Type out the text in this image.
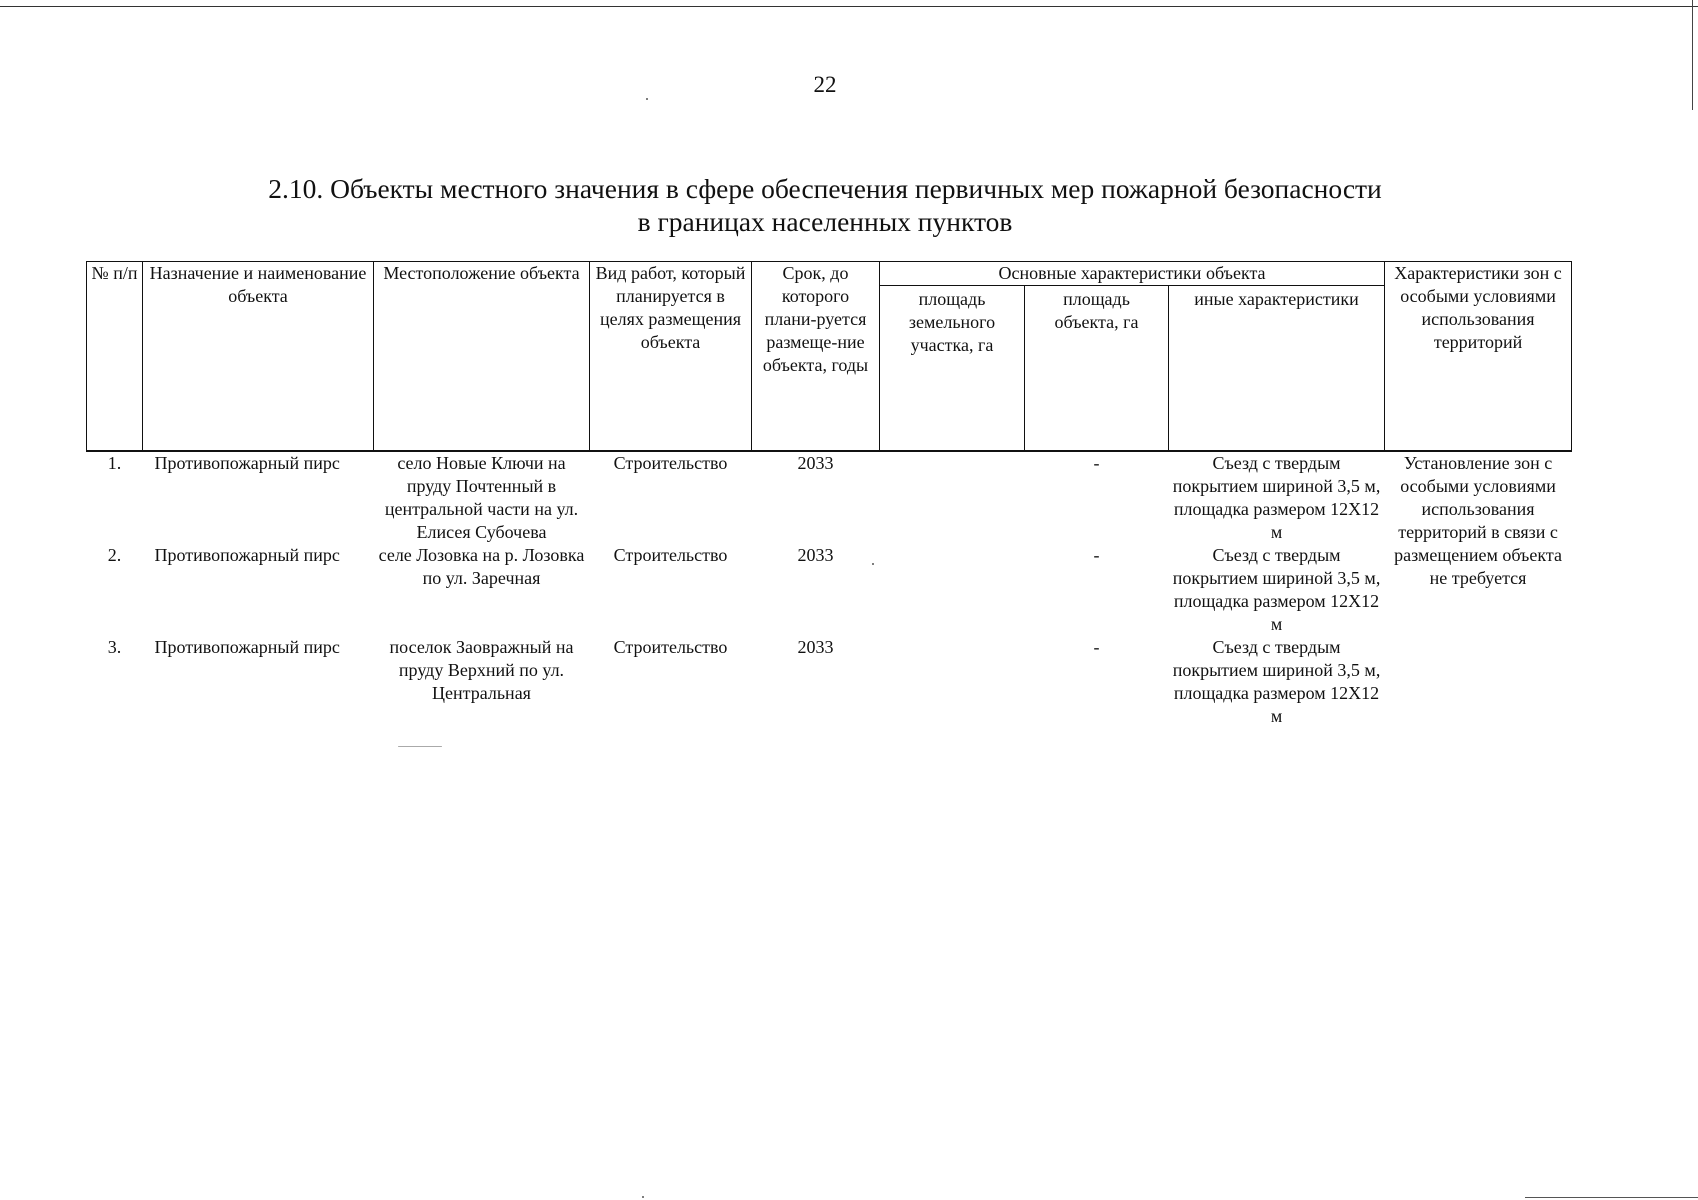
22
2.10. Объекты местного значения в сфере обеспечения первичных мер пожарной безопасности
в границах населенных пунктов
№ п/п	Назначение и наименование объекта	Местоположение объекта	Вид работ, который планируется в целях размещения объекта	Срок, до которого плани-руется размеще-ние объекта, годы	Основные характеристики объекта			Характеристики зон с особыми условиями использования территорий
					площадь земельного участка, га	площадь объекта, га	иные характеристики	
1.	Противопожарный пирс	село Новые Ключи на пруду Почтенный в центральной части на ул. Елисея Субочева	Строительство	2033		-	Съезд с твердым покрытием шириной 3,5 м, площадка размером 12Х12 м	Установление зон с особыми условиями использования территорий в связи с размещением объекта не требуется
2.	Противопожарный пирс	селе Лозовка на р. Лозовка по ул. Заречная	Строительство	2033		-	Съезд с твердым покрытием шириной 3,5 м, площадка размером 12Х12 м	
3.	Противопожарный пирс	поселок Заовражный на пруду Верхний по ул. Центральная	Строительство	2033		-	Съезд с твердым покрытием шириной 3,5 м, площадка размером 12Х12 м	
